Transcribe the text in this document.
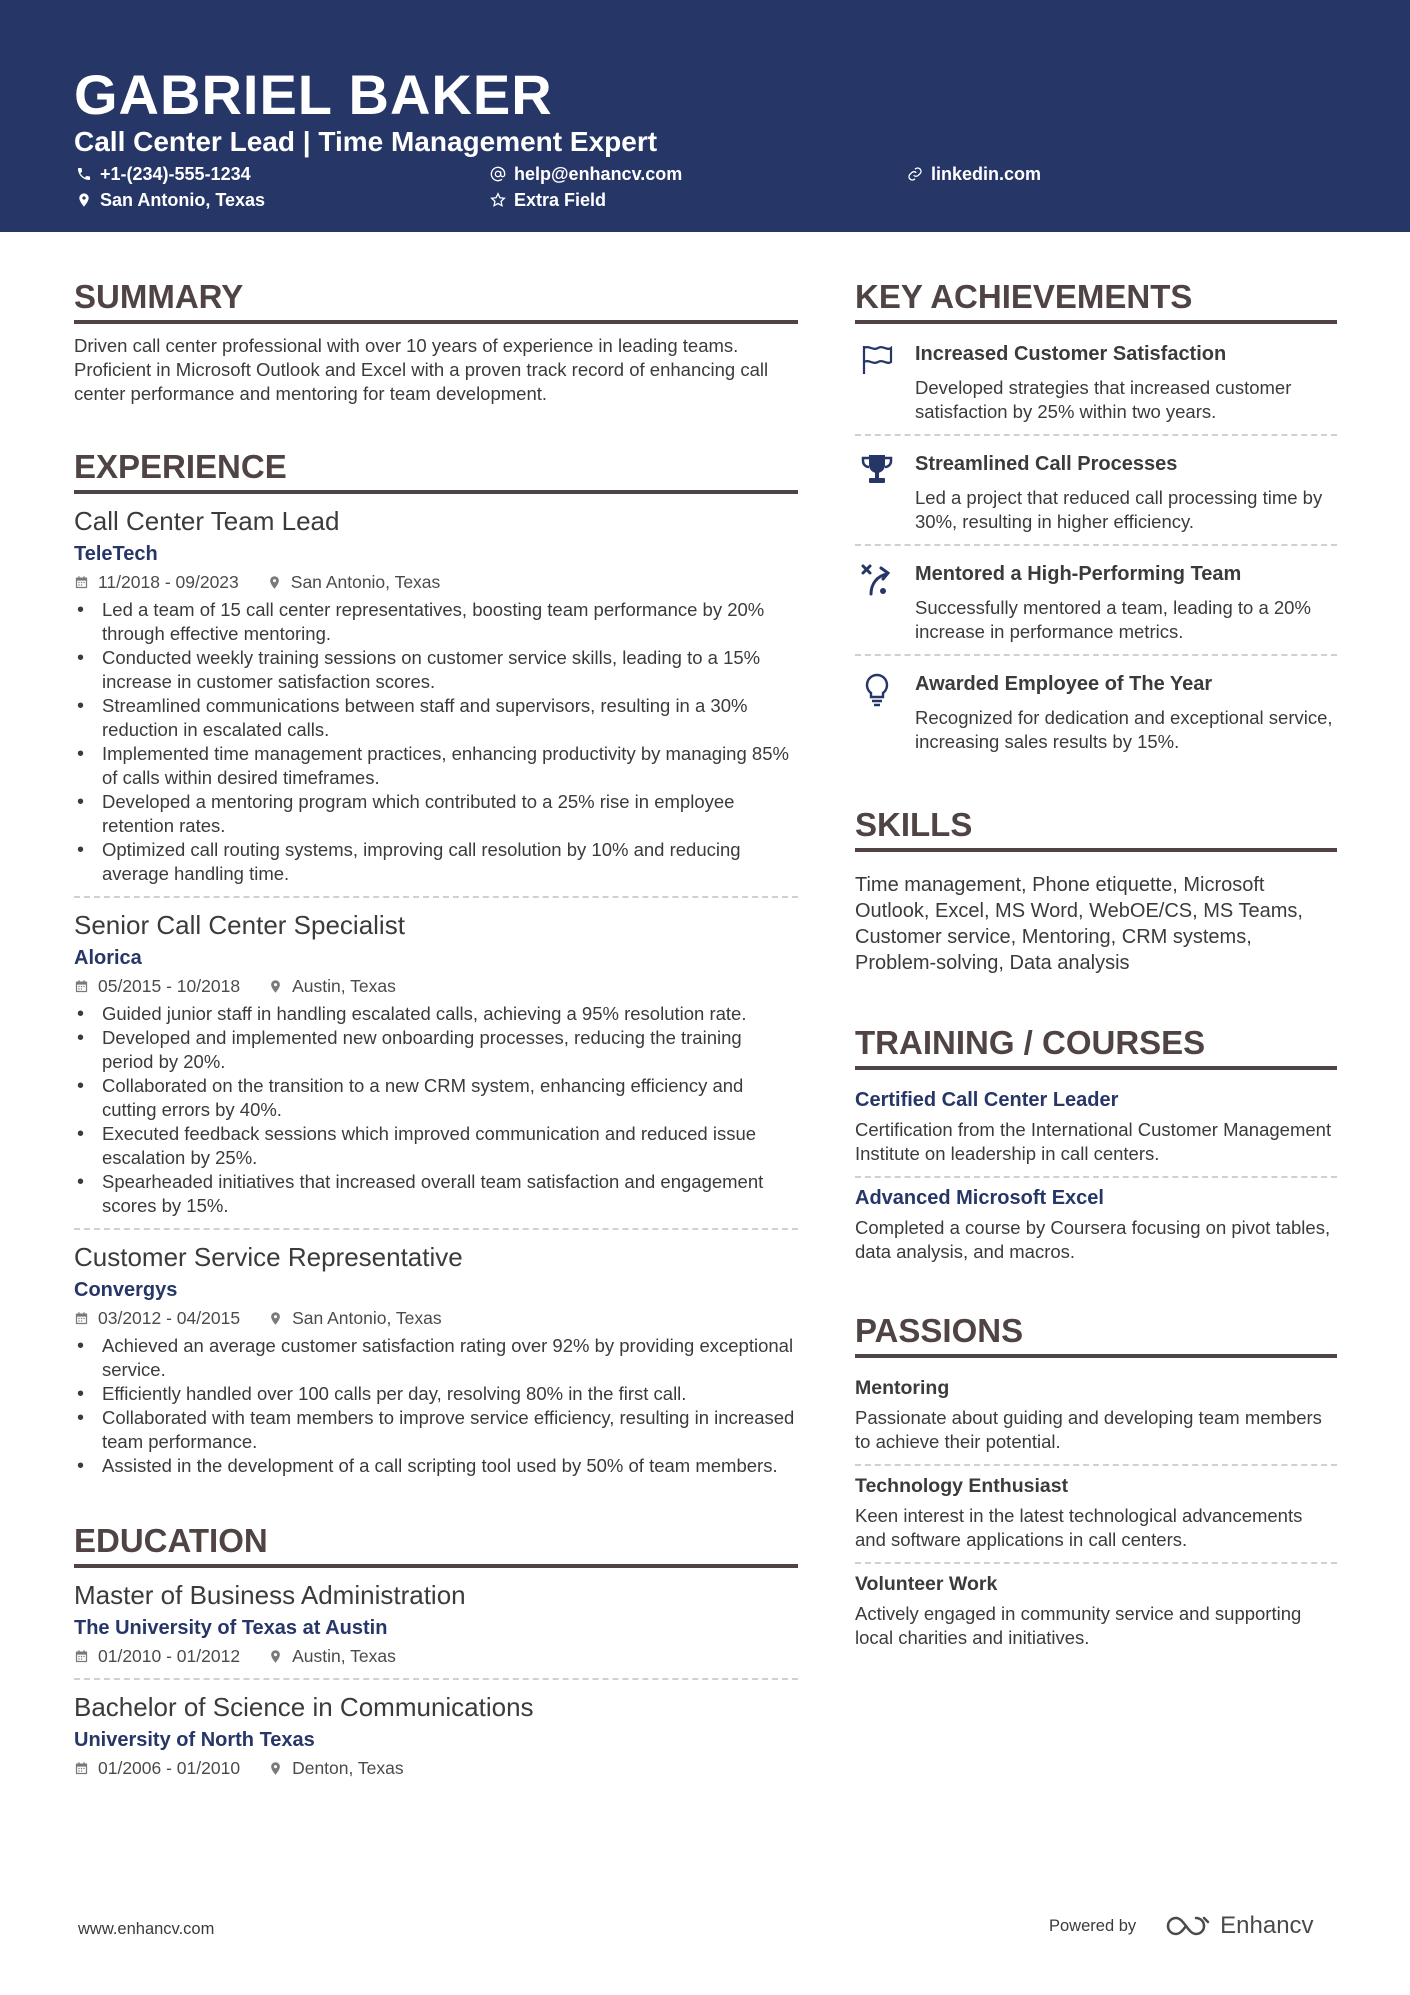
GABRIEL BAKER
Call Center Lead | Time Management Expert
+1-(234)-555-1234	help@enhancv.com	linkedin.com
San Antonio, Texas	Extra Field
SUMMARY
Driven call center professional with over 10 years of experience in leading teams. Proficient in Microsoft Outlook and Excel with a proven track record of enhancing call center performance and mentoring for team development.
EXPERIENCE
Call Center Team Lead
TeleTech
11/2018 - 09/2023	San Antonio, Texas
• Led a team of 15 call center representatives, boosting team performance by 20% through effective mentoring.
• Conducted weekly training sessions on customer service skills, leading to a 15% increase in customer satisfaction scores.
• Streamlined communications between staff and supervisors, resulting in a 30% reduction in escalated calls.
• Implemented time management practices, enhancing productivity by managing 85% of calls within desired timeframes.
• Developed a mentoring program which contributed to a 25% rise in employee retention rates.
• Optimized call routing systems, improving call resolution by 10% and reducing average handling time.
Senior Call Center Specialist
Alorica
05/2015 - 10/2018	Austin, Texas
• Guided junior staff in handling escalated calls, achieving a 95% resolution rate.
• Developed and implemented new onboarding processes, reducing the training period by 20%.
• Collaborated on the transition to a new CRM system, enhancing efficiency and cutting errors by 40%.
• Executed feedback sessions which improved communication and reduced issue escalation by 25%.
• Spearheaded initiatives that increased overall team satisfaction and engagement scores by 15%.
Customer Service Representative
Convergys
03/2012 - 04/2015	San Antonio, Texas
• Achieved an average customer satisfaction rating over 92% by providing exceptional service.
• Efficiently handled over 100 calls per day, resolving 80% in the first call.
• Collaborated with team members to improve service efficiency, resulting in increased team performance.
• Assisted in the development of a call scripting tool used by 50% of team members.
EDUCATION
Master of Business Administration
The University of Texas at Austin
01/2010 - 01/2012	Austin, Texas
Bachelor of Science in Communications
University of North Texas
01/2006 - 01/2010	Denton, Texas
KEY ACHIEVEMENTS
Increased Customer Satisfaction
Developed strategies that increased customer satisfaction by 25% within two years.
Streamlined Call Processes
Led a project that reduced call processing time by 30%, resulting in higher efficiency.
Mentored a High-Performing Team
Successfully mentored a team, leading to a 20% increase in performance metrics.
Awarded Employee of The Year
Recognized for dedication and exceptional service, increasing sales results by 15%.
SKILLS
Time management, Phone etiquette, Microsoft Outlook, Excel, MS Word, WebOE/CS, MS Teams, Customer service, Mentoring, CRM systems, Problem-solving, Data analysis
TRAINING / COURSES
Certified Call Center Leader
Certification from the International Customer Management Institute on leadership in call centers.
Advanced Microsoft Excel
Completed a course by Coursera focusing on pivot tables, data analysis, and macros.
PASSIONS
Mentoring
Passionate about guiding and developing team members to achieve their potential.
Technology Enthusiast
Keen interest in the latest technological advancements and software applications in call centers.
Volunteer Work
Actively engaged in community service and supporting local charities and initiatives.
www.enhancv.com	Powered by	Enhancv
